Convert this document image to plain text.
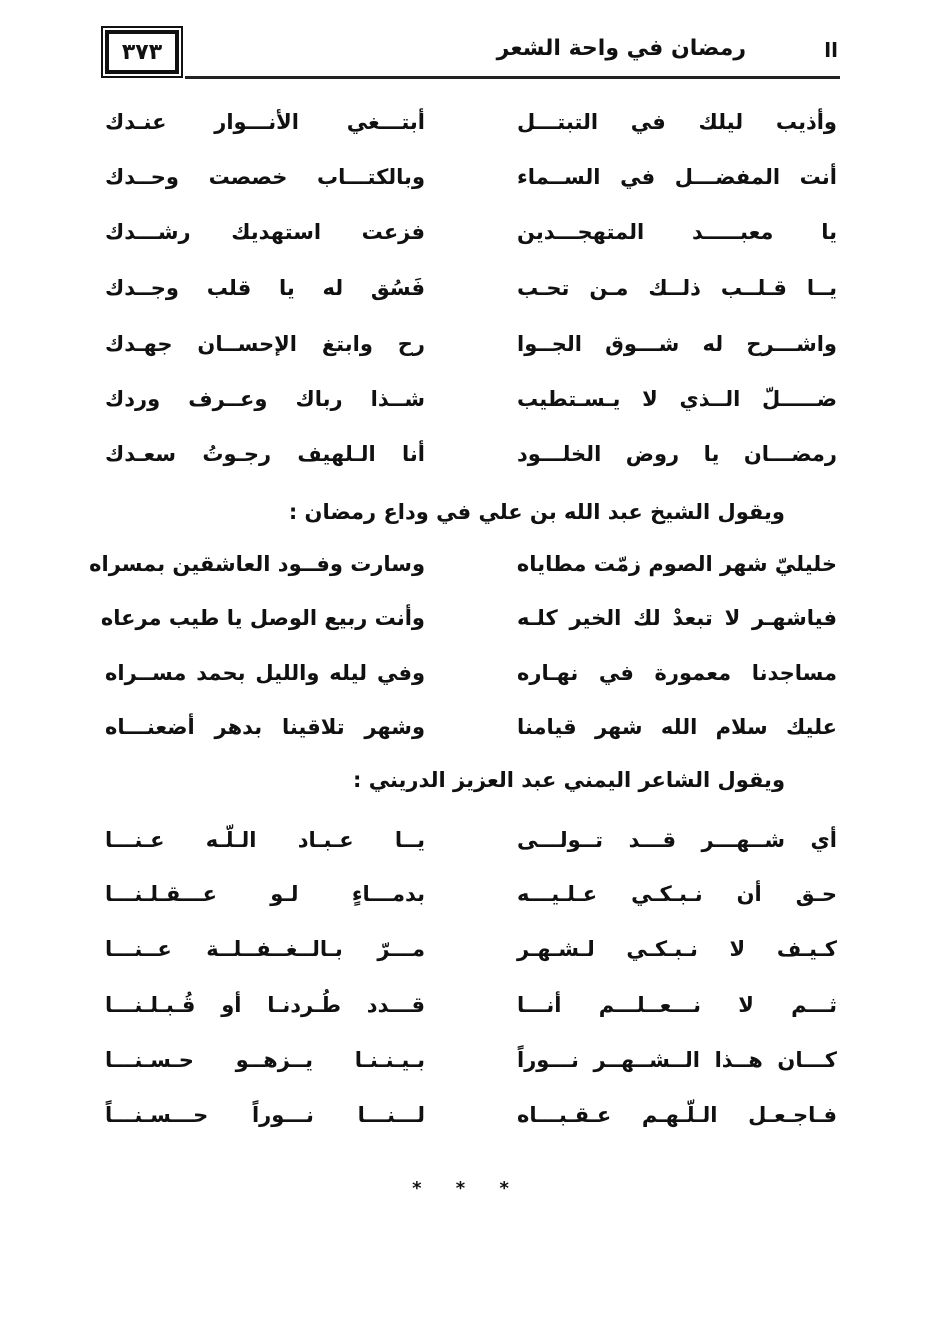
٣٧٣	رمضان في واحة الشعر	اا
وأذيب ليلك في التبتـــل
أبتـــغي الأنـــوار عنـدك
أنت المفضـــل في الســماء
وبالكتـــاب خصصت وحــدك
يا معبـــــد المتهجـــدين
فزعت استهديك رشـــدك
يــا قـلــب ذلــك مـن تحـب
فَسُق له يا قلب وجــدك
واشـــرح له شـــوق الجــوا
رح وابتغ الإحســان جهـدك
ضـــــلّ الــذي لا يـسـتطيب
شــذا رباك وعــرف وردك
رمضـــان يا روض الخلـــود
أنا الـلهيف رجـوتُ سعـدك
ويقول الشيخ عبد الله بن علي في وداع رمضان :
خليليّ شهر الصوم زمّت مطاياه
وسارت وفــود العاشقين بمسراه
فياشهـر لا تبعدْ لك الخير كلـه
وأنت ربيع الوصل يا طيب مرعاه
مساجدنا معمورة في نهـاره
وفي ليله والليل بحمد مســراه
عليك سلام الله شهر قيامنا
وشهر تلاقينا بدهر أضعنـــاه
ويقول الشاعر اليمني عبد العزيز الدريني :
أي شــهـــر قـــد تــولـــى
يــا عـبـاد الـلّـه عـنـــا
حـق أن نـبـكـي عـلـيـــه
بدمـــاءٍ لـو عـــقـلـنـــا
كـيـف لا نـبـكـي لـشـهـر
مـــرّ بـالــغــفــلــة عــنـــا
ثـــم لا نـــعــلـــم أنـــا
قـــدد طُـردنـا أو قُـبـلـنـــا
كـــان هــذا الــشــهــر نـــوراً
بـيـنـنـا يــزهــو حـسـنـــا
فـاجـعـل الـلّـهـم عـقـبـــاه
لـــنـــا نـــوراً حـــسـنـــاً
* * *
